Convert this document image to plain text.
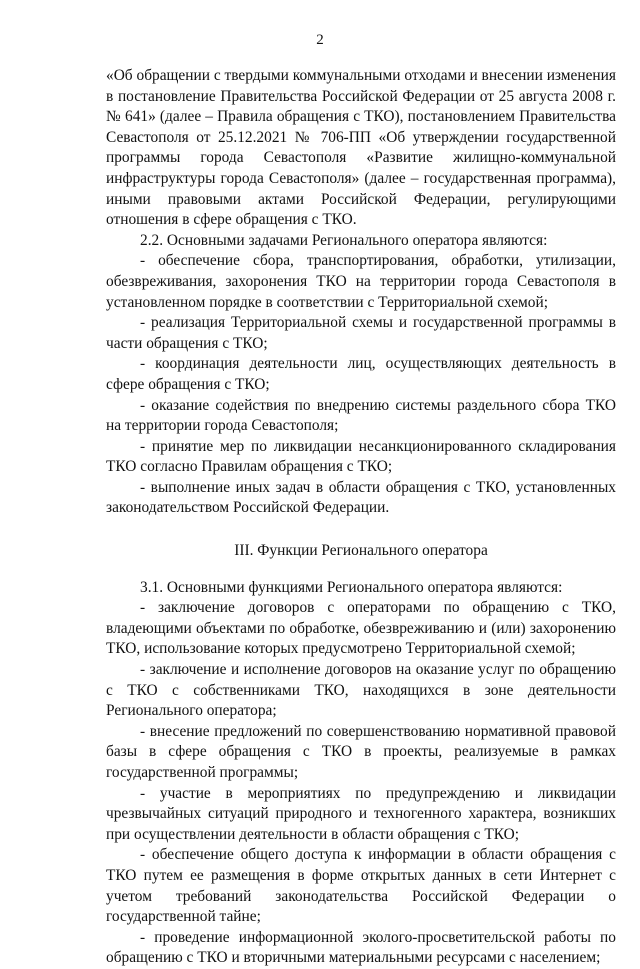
2

«Об обращении с твердыми коммунальными отходами и внесении изменения в постановление Правительства Российской Федерации от 25 августа 2008 г. № 641» (далее – Правила обращения с ТКО), постановлением Правительства Севастополя от 25.12.2021 № 706-ПП «Об утверждении государственной программы города Севастополя «Развитие жилищно-коммунальной инфраструктуры города Севастополя» (далее – государственная программа), иными правовыми актами Российской Федерации, регулирующими отношения в сфере обращения с ТКО.

2.2. Основными задачами Регионального оператора являются:

- обеспечение сбора, транспортирования, обработки, утилизации, обезвреживания, захоронения ТКО на территории города Севастополя в установленном порядке в соответствии с Территориальной схемой;

- реализация Территориальной схемы и государственной программы в части обращения с ТКО;

- координация деятельности лиц, осуществляющих деятельность в сфере обращения с ТКО;

- оказание содействия по внедрению системы раздельного сбора ТКО на территории города Севастополя;

- принятие мер по ликвидации несанкционированного складирования ТКО согласно Правилам обращения с ТКО;

- выполнение иных задач в области обращения с ТКО, установленных законодательством Российской Федерации.

III. Функции Регионального оператора

3.1. Основными функциями Регионального оператора являются:

- заключение договоров с операторами по обращению с ТКО, владеющими объектами по обработке, обезвреживанию и (или) захоронению ТКО, использование которых предусмотрено Территориальной схемой;

- заключение и исполнение договоров на оказание услуг по обращению с ТКО с собственниками ТКО, находящихся в зоне деятельности Регионального оператора;

- внесение предложений по совершенствованию нормативной правовой базы в сфере обращения с ТКО в проекты, реализуемые в рамках государственной программы;

- участие в мероприятиях по предупреждению и ликвидации чрезвычайных ситуаций природного и техногенного характера, возникших при осуществлении деятельности в области обращения с ТКО;

- обеспечение общего доступа к информации в области обращения с ТКО путем ее размещения в форме открытых данных в сети Интернет с учетом требований законодательства Российской Федерации о государственной тайне;

- проведение информационной эколого-просветительской работы по обращению с ТКО и вторичными материальными ресурсами с населением;
